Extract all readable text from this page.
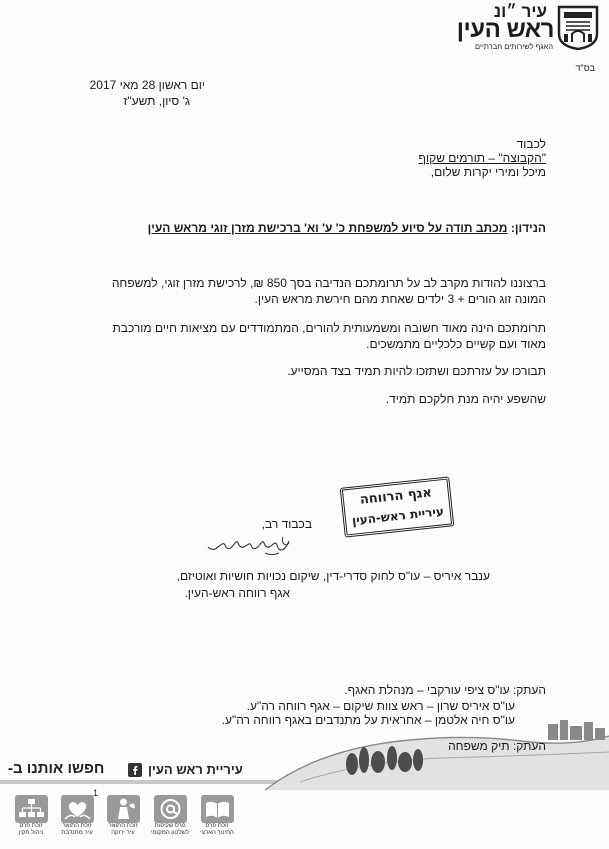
עיר ״ונ
ראש העין
האגף לשירותים חברתיים
בס"ד
יום ראשון 28 מאי 2017
ג' סיון, תשע"ז
לכבוד
"הקבוצה" – תורמים שקוף
מיכל ומירי יקרות שלום,
הנידון: מכתב תודה על סיוע למשפחת כ' ע' וא' ברכישת מזרן זוגי מראש העין
ברצוננו להודות מקרב לב על תרומתכם הנדיבה בסך 850 ₪, לרכישת מזרן זוגי, למשפחה
המונה זוג הורים + 3 ילדים שאחת מהם חירשת מראש העין.
תרומתכם הינה מאוד חשובה ומשמעותית להורים, המתמודדים עם מציאות חיים מורכבת
מאוד ועם קשיים כלכליים מתמשכים.
תבורכו על עזרתכם ושתזכו להיות תמיד בצד המסייע.
שהשפע יהיה מנת חלקכם תמיד.
אגף הרווחה
עיריית ראש-העין
בכבוד רב,
ענבר איריס – עו"ס לחוק סדרי-דין, שיקום נכויות חושיות ואוטיזם,
אגף רווחה ראש-העין.
העתק: עו"ס ציפי עורקבי – מנהלת האגף.
עו"ס איריס שרון – ראש צוות שיקום – אגף רווחה רה"ע.
עו"ס חיה אלטמן – אחראית על מתנדבים באגף רווחה רה"ע.
העתק: תיק משפחה
חפשו אותנו ב-	עיריית ראש העין
1
זוכת פרס
ניהול תקין
זוכת התואר
עיר מתנדבת
זוכת התואר
עיר ירוקה
פרס שקיפות
לשלטון המקומי
זוכת פרס
החינוך הארצי
